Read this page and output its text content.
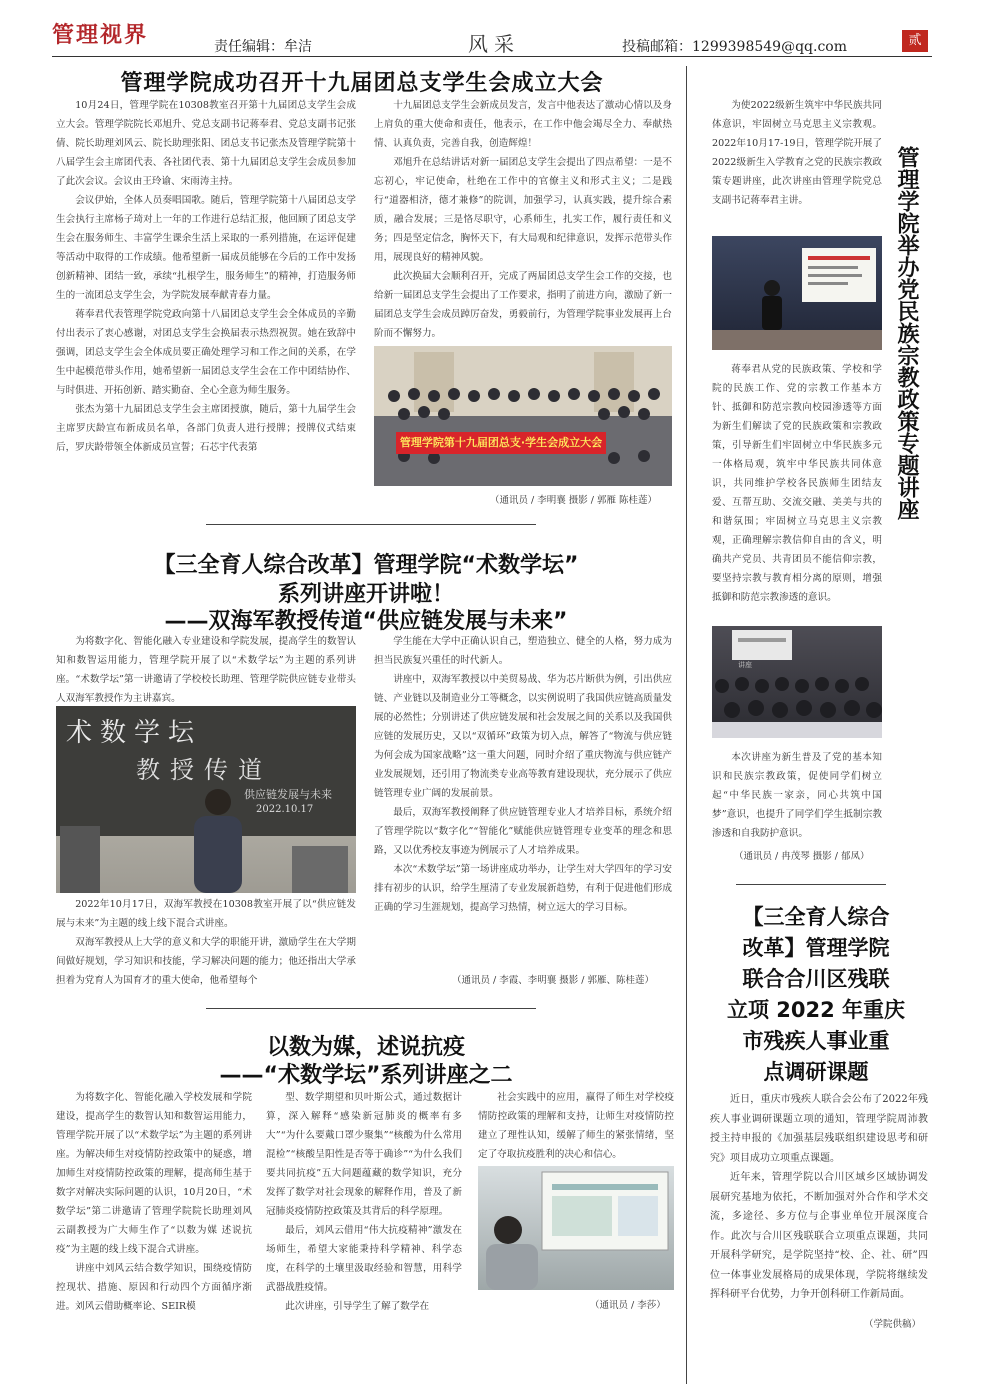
管理视界	责任编辑：牟洁	风采	投稿邮箱：1299398549@qq.com	贰
管理学院成功召开十九届团总支学生会成立大会

10月24日，管理学院在10308教室召开第十九届团总支学生会成立大会。管理学院院长邓旭升、党总支副书记蒋奉君、党总支副书记张倩、院长助理刘风云、院长助理张阳、团总支书记张杰及管理学院第十八届学生会主席团代表、各社团代表、第十九届团总支学生会成员参加了此次会议。会议由王玲谕、宋雨涛主持。

会议伊始，全体人员奏唱国歌。随后，管理学院第十八届团总支学生会执行主席杨子琦对上一年的工作进行总结汇报，他回顾了团总支学生会在服务师生、丰富学生课余生活上采取的一系列措施，在运评促建等活动中取得的工作成绩。他希望新一届成员能够在今后的工作中发扬创新精神、团结一致，承续“扎根学生，服务师生”的精神，打造服务师生的一流团总支学生会，为学院发展奉献青春力量。

蒋奉君代表管理学院党政向第十八届团总支学生会全体成员的辛勤付出表示了衷心感谢，对团总支学生会换届表示热烈祝贺。她在致辞中强调，团总支学生会全体成员要正确处理学习和工作之间的关系，在学生中起模范带头作用，她希望新一届团总支学生会在工作中团结协作、与时俱进、开拓创新、踏实勤奋、全心全意为师生服务。

张杰为第十九届团总支学生会主席团授旗，随后，第十九届学生会主席罗庆龄宣布新成员名单，各部门负责人进行授牌；授牌仪式结束后，罗庆龄带领全体新成员宣誓；石芯宇代表第

十九届团总支学生会新成员发言，发言中他表达了激动心情以及身上肩负的重大使命和责任，他表示，在工作中他会竭尽全力、奉献热情、认真负责，完善自我，创造辉煌！

邓旭升在总结讲话对新一届团总支学生会提出了四点希望：一是不忘初心，牢记使命，杜绝在工作中的官僚主义和形式主义；二是践行“道器相济，德才兼修”的院训，加强学习，认真实践，提升综合素质，融合发展；三是恪尽职守，心系师生，扎实工作，履行责任和义务；四是坚定信念，胸怀天下，有大局观和纪律意识，发挥示范带头作用，展现良好的精神风貌。

此次换届大会顺利召开，完成了两届团总支学生会工作的交接，也给新一届团总支学生会提出了工作要求，指明了前进方向，激励了新一届团总支学生会成员踔厉奋发，勇毅前行，为管理学院事业发展再上台阶而不懈努力。

管理学院第十九届团总支·学生会成立大会
（通讯员 / 李明襄 摄影 / 郭雁 陈桂莲）
【三全育人综合改革】管理学院“术数学坛”
系列讲座开讲啦！
——双海军教授传道“供应链发展与未来”

为将数字化、智能化融入专业建设和学院发展，提高学生的数智认知和数智运用能力，管理学院开展了以“术数学坛”为主题的系列讲座。“术数学坛”第一讲邀请了学校校长助理、管理学院供应链专业带头人双海军教授作为主讲嘉宾。

术数学坛
教授传道
供应链发展与未来
2022.10.17

2022年10月17日，双海军教授在10308教室开展了以“供应链发展与未来”为主题的线上线下混合式讲座。

双海军教授从上大学的意义和大学的职能开讲，激励学生在大学期间做好规划，学习知识和技能，学习解决问题的能力；他还指出大学承担着为党育人为国育才的重大使命，他希望每个

学生能在大学中正确认识自己，塑造独立、健全的人格，努力成为担当民族复兴重任的时代新人。

讲座中，双海军教授以中美贸易战、华为芯片断供为例，引出供应链、产业链以及制造业分工等概念，以实例说明了我国供应链高质量发展的必然性；分别讲述了供应链发展和社会发展之间的关系以及我国供应链的发展历史，又以“双循环”政策为切入点，解答了“物流与供应链为何会成为国家战略”这一重大问题，同时介绍了重庆物流与供应链产业发展规划，还引用了物流类专业高等教育建设现状，充分展示了供应链管理专业广阔的发展前景。

最后，双海军教授阐释了供应链管理专业人才培养目标，系统介绍了管理学院以“数字化”“智能化”赋能供应链管理专业变革的理念和思路，又以优秀校友事迹为例展示了人才培养成果。

本次“术数学坛”第一场讲座成功举办，让学生对大学四年的学习安排有初步的认识，给学生厘清了专业发展新趋势，有利于促进他们形成正确的学习生涯规划，提高学习热情，树立远大的学习目标。

（通讯员 / 李霞、李明襄 摄影 / 郭雁、陈桂莲）
以数为媒，述说抗疫
——“术数学坛”系列讲座之二

为将数字化、智能化融入学校发展和学院建设，提高学生的数智认知和数智运用能力，管理学院开展了以“术数学坛”为主题的系列讲座。为解决师生对疫情防控政策中的疑惑，增加师生对疫情防控政策的理解，提高师生基于数字对解决实际问题的认识，10月20日，“术数学坛”第二讲邀请了管理学院院长助理刘风云副教授为广大师生作了“以数为媒 述说抗疫”为主题的线上线下混合式讲座。

讲座中刘风云结合数学知识，围绕疫情防控现状、措施、原因和行动四个方面循序渐进。刘风云借助概率论、SEIR模

型、数学期望和贝叶斯公式，通过数据计算，深入解释“感染新冠肺炎的概率有多大”“为什么要戴口罩少聚集”“核酸为什么常用混检”“核酸呈阳性是否等于确诊”“为什么我们要共同抗疫”五大问题蕴藏的数学知识，充分发挥了数学对社会现象的解释作用，普及了新冠肺炎疫情防控政策及其背后的科学原理。

最后，刘风云借用“伟大抗疫精神”激发在场师生，希望大家能秉持科学精神、科学态度，在科学的土壤里汲取经验和智慧，用科学武器战胜疫情。

此次讲座，引导学生了解了数学在

社会实践中的应用，赢得了师生对学校疫情防控政策的理解和支持，让师生对疫情防控建立了理性认知，缓解了师生的紧张情绪，坚定了夺取抗疫胜利的决心和信心。

（通讯员 / 李莎）

为使2022级新生筑牢中华民族共同体意识，牢固树立马克思主义宗教观。2022年10月17-19日，管理学院开展了2022级新生入学教育之党的民族宗教政策专题讲座，此次讲座由管理学院党总支副书记蒋奉君主讲。	管理学院举办党民族宗教政策专题讲座

蒋奉君从党的民族政策、学校和学院的民族工作、党的宗教工作基本方针、抵御和防范宗教向校园渗透等方面为新生们解读了党的民族政策和宗教政策，引导新生们牢固树立中华民族多元一体格局观，筑牢中华民族共同体意识，共同维护学校各民族师生团结友爱、互帮互助、交流交融、美美与共的和谐氛围；牢固树立马克思主义宗教观，正确理解宗教信仰自由的含义，明确共产党员、共青团员不能信仰宗教，要坚持宗教与教育相分离的原则，增强抵御和防范宗教渗透的意识。

讲座

本次讲座为新生普及了党的基本知识和民族宗教政策，促使同学们树立起“中华民族一家亲，同心共筑中国梦”意识，也提升了同学们学生抵制宗教渗透和自我防护意识。

（通讯员 / 冉茂琴 摄影 / 郁凤）
【三全育人综合
改革】管理学院
联合合川区残联
立项 2022 年重庆
市残疾人事业重
点调研课题

近日，重庆市残疾人联合会公布了2022年残疾人事业调研课题立项的通知，管理学院周沛教授主持申报的《加强基层残联组织建设思考和研究》项目成功立项重点课题。

近年来，管理学院以合川区域乡区域协调发展研究基地为依托，不断加强对外合作和学术交流，多途径、多方位与企事业单位开展深度合作。此次与合川区残联联合立项重点课题，共同开展科学研究，是学院坚持“校、企、社、研”四位一体事业发展格局的成果体现，学院将继续发挥科研平台优势，力争开创科研工作新局面。

（学院供稿）
